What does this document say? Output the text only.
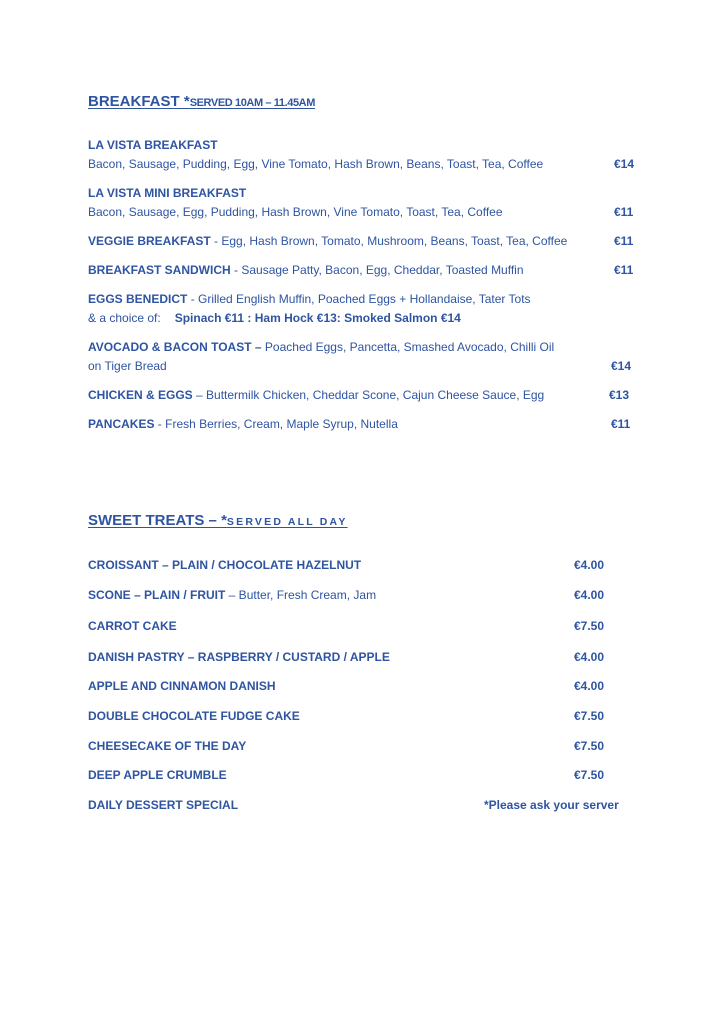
BREAKFAST *SERVED 10AM – 11.45AM
LA VISTA BREAKFAST
Bacon, Sausage, Pudding, Egg, Vine Tomato, Hash Brown, Beans, Toast, Tea, Coffee	€14
LA VISTA MINI BREAKFAST
Bacon, Sausage, Egg, Pudding, Hash Brown, Vine Tomato, Toast, Tea, Coffee	€11
VEGGIE BREAKFAST - Egg, Hash Brown, Tomato, Mushroom, Beans, Toast, Tea, Coffee	€11
BREAKFAST SANDWICH - Sausage Patty, Bacon, Egg, Cheddar, Toasted Muffin	€11
EGGS BENEDICT - Grilled English Muffin, Poached Eggs + Hollandaise, Tater Tots
& a choice of: Spinach €11 : Ham Hock €13: Smoked Salmon €14
AVOCADO & BACON TOAST – Poached Eggs, Pancetta, Smashed Avocado, Chilli Oil
on Tiger Bread	€14
CHICKEN & EGGS – Buttermilk Chicken, Cheddar Scone, Cajun Cheese Sauce, Egg	€13
PANCAKES - Fresh Berries, Cream, Maple Syrup, Nutella	€11
SWEET TREATS – *SERVED ALL DAY
CROISSANT – PLAIN / CHOCOLATE HAZELNUT	€4.00
SCONE – PLAIN / FRUIT – Butter, Fresh Cream, Jam	€4.00
CARROT CAKE	€7.50
DANISH PASTRY – RASPBERRY / CUSTARD / APPLE	€4.00
APPLE AND CINNAMON DANISH	€4.00
DOUBLE CHOCOLATE FUDGE CAKE	€7.50
CHEESECAKE OF THE DAY	€7.50
DEEP APPLE CRUMBLE	€7.50
DAILY DESSERT SPECIAL	*Please ask your server
